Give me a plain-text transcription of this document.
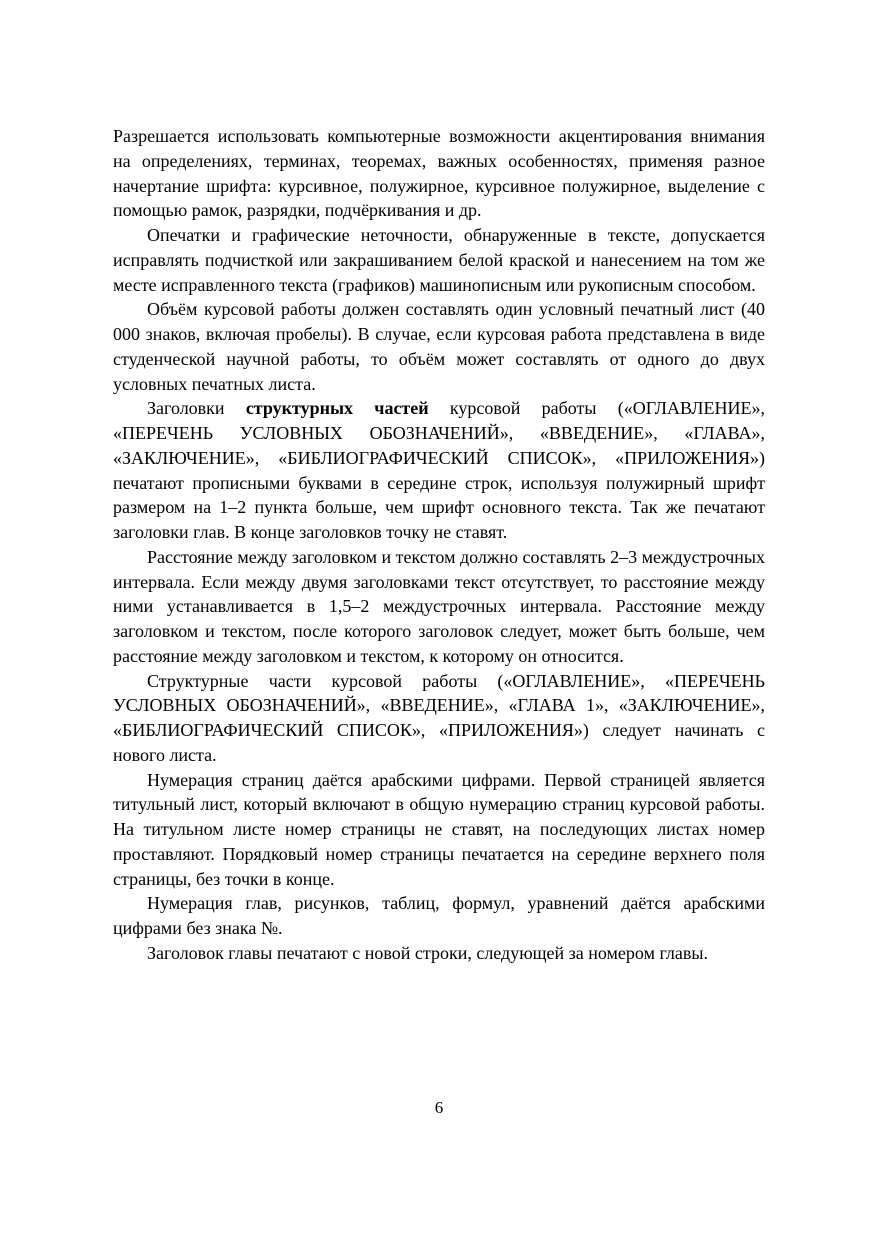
Разрешается использовать компьютерные возможности акцентирования внимания на определениях, терминах, теоремах, важных особенностях, применяя разное начертание шрифта: курсивное, полужирное, курсивное полужирное, выделение с помощью рамок, разрядки, подчёркивания и др.

Опечатки и графические неточности, обнаруженные в тексте, допускается исправлять подчисткой или закрашиванием белой краской и нанесением на том же месте исправленного текста (графиков) машинописным или рукописным способом.

Объём курсовой работы должен составлять один условный печатный лист (40 000 знаков, включая пробелы). В случае, если курсовая работа представлена в виде студенческой научной работы, то объём может составлять от одного до двух условных печатных листа.

Заголовки структурных частей курсовой работы («ОГЛАВЛЕНИЕ», «ПЕРЕЧЕНЬ УСЛОВНЫХ ОБОЗНАЧЕНИЙ», «ВВЕДЕНИЕ», «ГЛАВА», «ЗАКЛЮЧЕНИЕ», «БИБЛИОГРАФИЧЕСКИЙ СПИСОК», «ПРИЛОЖЕНИЯ») печатают прописными буквами в середине строк, используя полужирный шрифт размером на 1–2 пункта больше, чем шрифт основного текста. Так же печатают заголовки глав. В конце заголовков точку не ставят.

Расстояние между заголовком и текстом должно составлять 2–3 междустрочных интервала. Если между двумя заголовками текст отсутствует, то расстояние между ними устанавливается в 1,5–2 междустрочных интервала. Расстояние между заголовком и текстом, после которого заголовок следует, может быть больше, чем расстояние между заголовком и текстом, к которому он относится.

Структурные части курсовой работы («ОГЛАВЛЕНИЕ», «ПЕРЕЧЕНЬ УСЛОВНЫХ ОБОЗНАЧЕНИЙ», «ВВЕДЕНИЕ», «ГЛАВА 1», «ЗАКЛЮЧЕНИЕ», «БИБЛИОГРАФИЧЕСКИЙ СПИСОК», «ПРИЛОЖЕНИЯ») следует начинать с нового листа.

Нумерация страниц даётся арабскими цифрами. Первой страницей является титульный лист, который включают в общую нумерацию страниц курсовой работы. На титульном листе номер страницы не ставят, на последующих листах номер проставляют. Порядковый номер страницы печатается на середине верхнего поля страницы, без точки в конце.

Нумерация глав, рисунков, таблиц, формул, уравнений даётся арабскими цифрами без знака №.

Заголовок главы печатают с новой строки, следующей за номером главы.

6
